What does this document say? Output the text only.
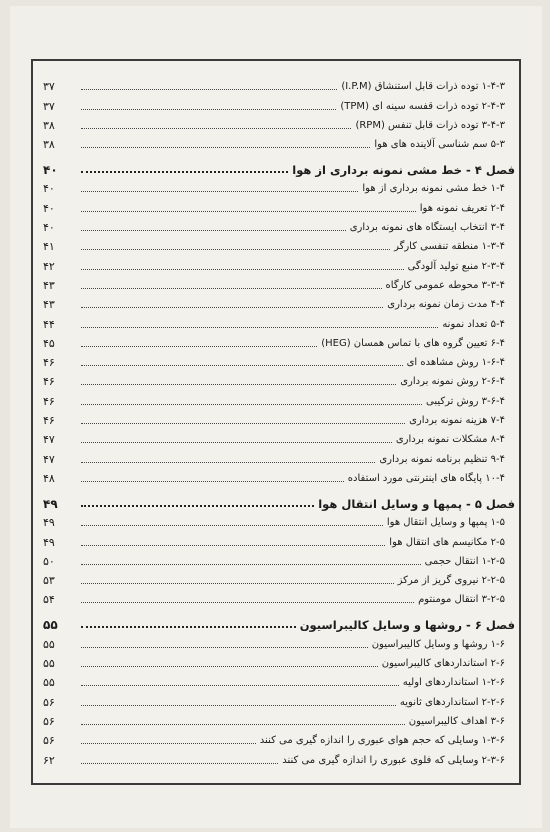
۳۷	۱-۴-۳ توده ذرات قابل استنشاق (I.P.M)
۳۷	۲-۴-۳ توده ذرات قفسه سینه ای (TPM)
۳۸	۳-۴-۳ توده ذرات قابل تنفس (RPM)
۳۸	۵-۳ سم شناسی آلاینده های هوا
۴۰	فصل ۴ - خط مشی نمونه برداری از هوا
۴۰	۱-۴ خط مشی نمونه برداری از هوا
۴۰	۲-۴ تعریف نمونه هوا
۴۰	۳-۴ انتخاب ایستگاه های نمونه برداری
۴۱	۱-۳-۴ منطقه تنفسی کارگر
۴۲	۲-۳-۴ منبع تولید آلودگی
۴۳	۳-۳-۴ محوطه عمومی کارگاه
۴۳	۴-۴ مدت زمان نمونه برداری
۴۴	۵-۴ تعداد نمونه
۴۵	۶-۴ تعیین گروه های با تماس همسان (HEG)
۴۶	۱-۶-۴ روش مشاهده ای
۴۶	۲-۶-۴ روش نمونه برداری
۴۶	۳-۶-۴ روش ترکیبی
۴۶	۷-۴ هزینه نمونه برداری
۴۷	۸-۴ مشکلات نمونه برداری
۴۷	۹-۴ تنظیم برنامه نمونه برداری
۴۸	۱۰-۴ پایگاه های اینترنتی مورد استفاده
۴۹	فصل ۵ - پمپها و وسایل انتقال هوا
۴۹	۱-۵ پمپها و وسایل انتقال هوا
۴۹	۲-۵ مکانیسم های انتقال هوا
۵۰	۱-۲-۵ انتقال حجمی
۵۳	۲-۲-۵ نیروی گریز از مرکز
۵۴	۳-۲-۵ انتقال مومنتوم
۵۵	فصل ۶ - روشها و وسایل کالیبراسیون
۵۵	۱-۶ روشها و وسایل کالیبراسیون
۵۵	۲-۶ استانداردهای کالیبراسیون
۵۵	۱-۲-۶ استانداردهای اولیه
۵۶	۲-۲-۶ استانداردهای ثانویه
۵۶	۳-۶ اهداف کالیبراسیون
۵۶	۱-۳-۶ وسایلی که حجم هوای عبوری را اندازه گیری می کنند
۶۲	۲-۳-۶ وسایلی که فلوی عبوری را اندازه گیری می کنند
